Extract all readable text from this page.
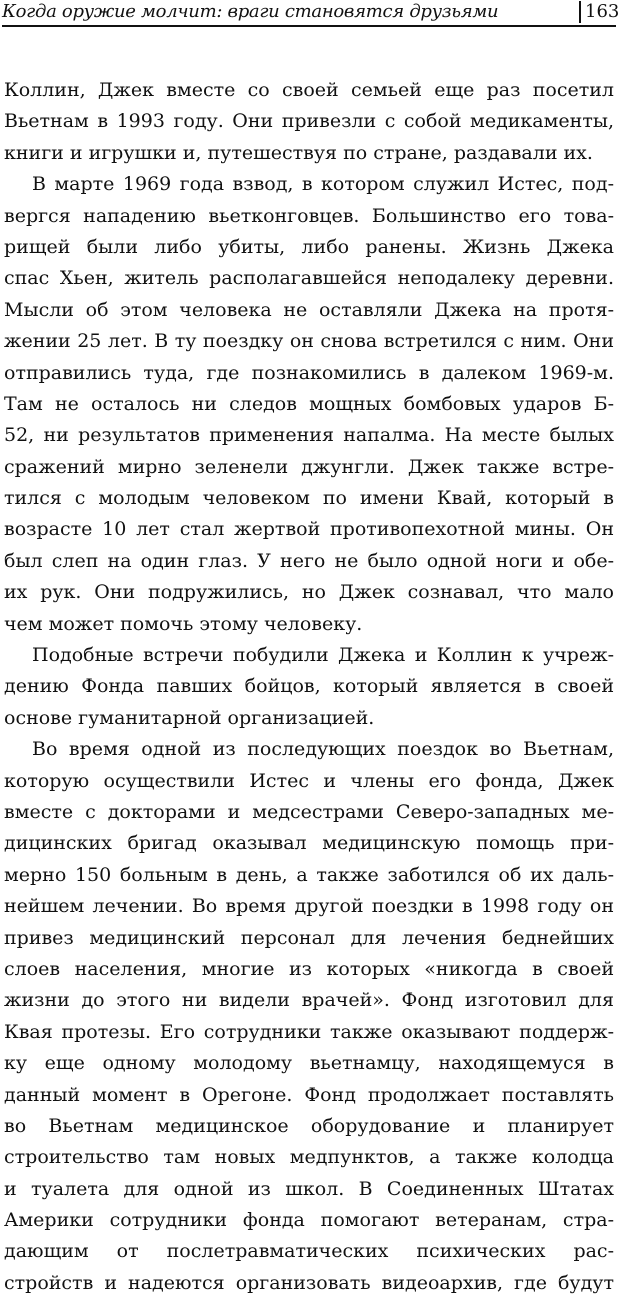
Когда оружие молчит: враги становятся друзьями	163
Коллин, Джек вместе со своей семьей еще раз посетил
Вьетнам в 1993 году. Они привезли с собой медикаменты,
книги и игрушки и, путешествуя по стране, раздавали их.
В марте 1969 года взвод, в котором служил Истес, под-
вергся нападению вьетконговцев. Большинство его това-
рищей были либо убиты, либо ранены. Жизнь Джека
спас Хьен, житель располагавшейся неподалеку деревни.
Мысли об этом человека не оставляли Джека на протя-
жении 25 лет. В ту поездку он снова встретился с ним. Они
отправились туда, где познакомились в далеком 1969-м.
Там не осталось ни следов мощных бомбовых ударов Б-
52, ни результатов применения напалма. На месте былых
сражений мирно зеленели джунгли. Джек также встре-
тился с молодым человеком по имени Квай, который в
возрасте 10 лет стал жертвой противопехотной мины. Он
был слеп на один глаз. У него не было одной ноги и обе-
их рук. Они подружились, но Джек сознавал, что мало
чем может помочь этому человеку.
Подобные встречи побудили Джека и Коллин к учреж-
дению Фонда павших бойцов, который является в своей
основе гуманитарной организацией.
Во время одной из последующих поездок во Вьетнам,
которую осуществили Истес и члены его фонда, Джек
вместе с докторами и медсестрами Северо-западных ме-
дицинских бригад оказывал медицинскую помощь при-
мерно 150 больным в день, а также заботился об их даль-
нейшем лечении. Во время другой поездки в 1998 году он
привез медицинский персонал для лечения беднейших
слоев населения, многие из которых «никогда в своей
жизни до этого ни видели врачей». Фонд изготовил для
Квая протезы. Его сотрудники также оказывают поддерж-
ку еще одному молодому вьетнамцу, находящемуся в
данный момент в Орегоне. Фонд продолжает поставлять
во Вьетнам медицинское оборудование и планирует
строительство там новых медпунктов, а также колодца
и туалета для одной из школ. В Соединенных Штатах
Америки сотрудники фонда помогают ветеранам, стра-
дающим от послетравматических психических рас-
стройств и надеются организовать видеоархив, где будут
